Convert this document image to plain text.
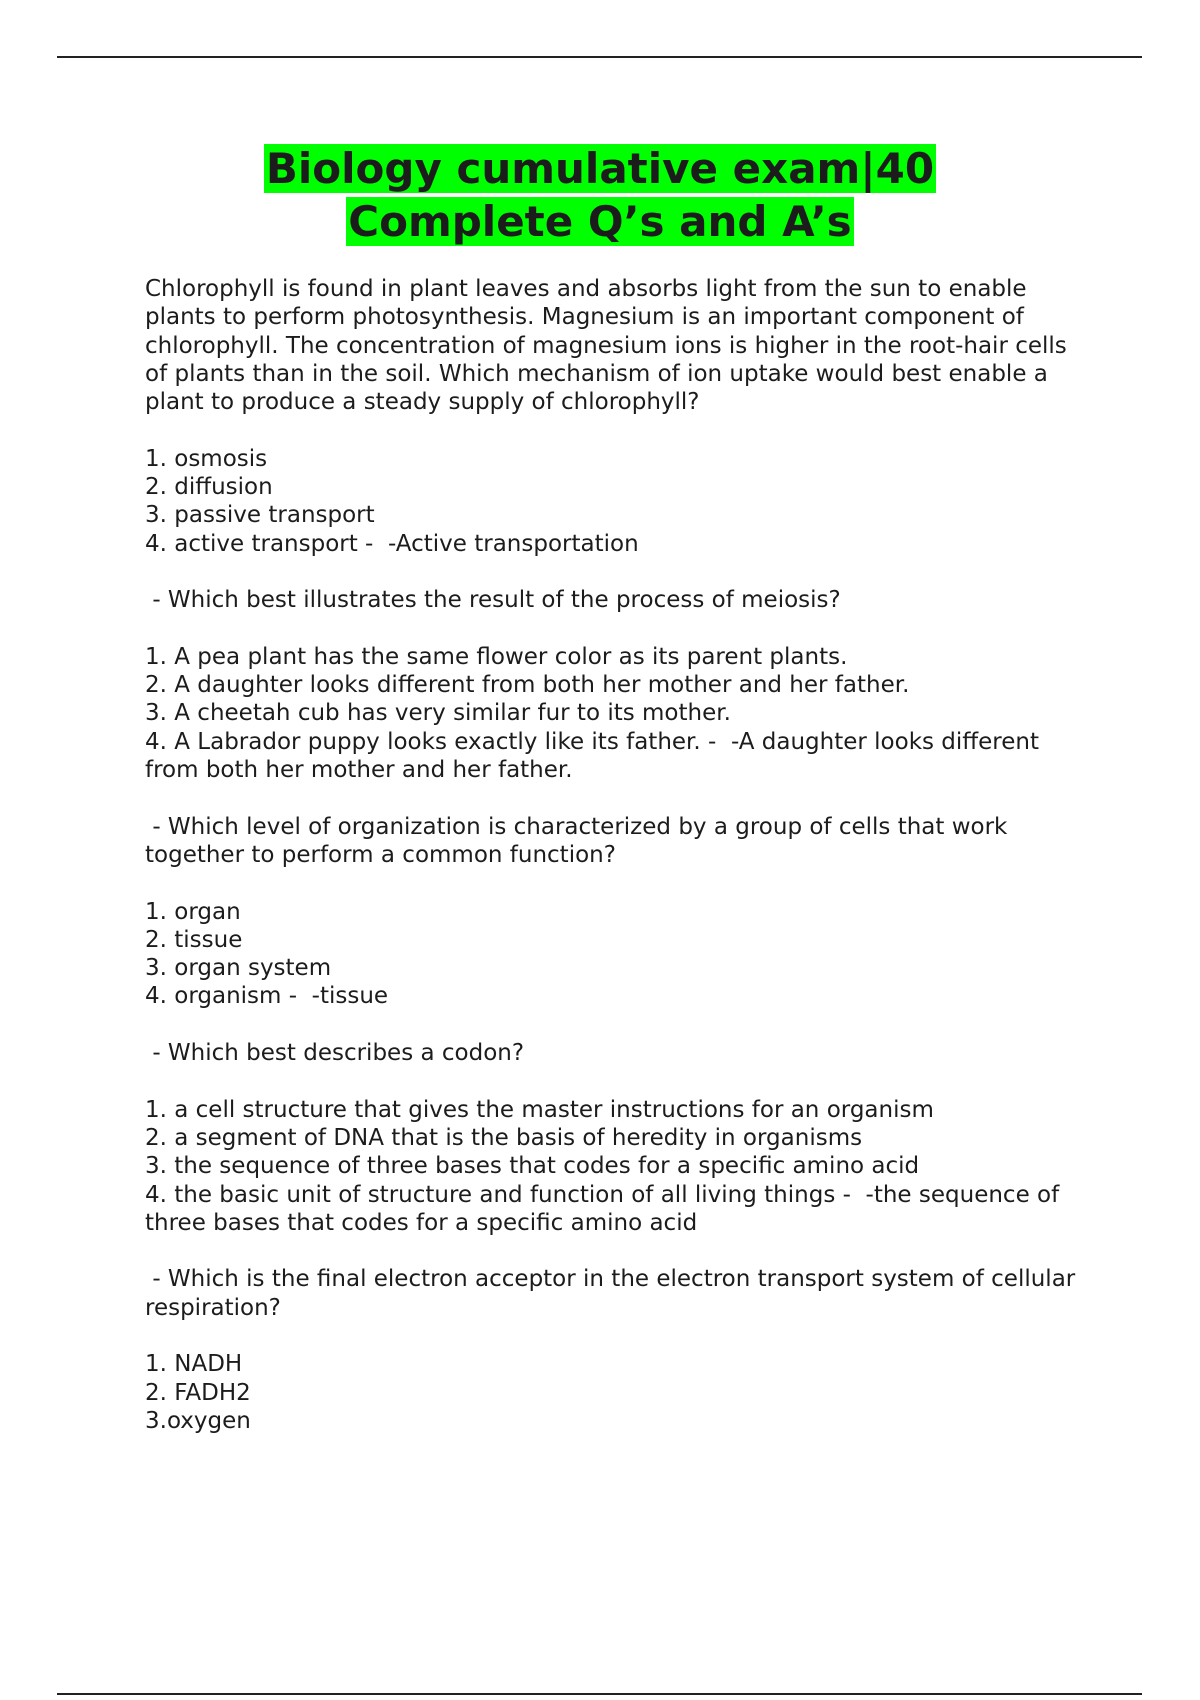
Biology cumulative exam|40
Complete Q’s and A’s

Chlorophyll is found in plant leaves and absorbs light from the sun to enable plants to perform photosynthesis. Magnesium is an important component of chlorophyll. The concentration of magnesium ions is higher in the root-hair cells of plants than in the soil. Which mechanism of ion uptake would best enable a plant to produce a steady supply of chlorophyll?

1. osmosis

2. diffusion

3. passive transport

4. active transport -  -Active transportation

- Which best illustrates the result of the process of meiosis?

1. A pea plant has the same flower color as its parent plants.

2. A daughter looks different from both her mother and her father.

3. A cheetah cub has very similar fur to its mother.

4. A Labrador puppy looks exactly like its father. -  -A daughter looks different from both her mother and her father.

- Which level of organization is characterized by a group of cells that work together to perform a common function?

1. organ

2. tissue

3. organ system

4. organism -  -tissue

- Which best describes a codon?

1. a cell structure that gives the master instructions for an organism

2. a segment of DNA that is the basis of heredity in organisms

3. the sequence of three bases that codes for a specific amino acid

4. the basic unit of structure and function of all living things -  -the sequence of three bases that codes for a specific amino acid

- Which is the final electron acceptor in the electron transport system of cellular respiration?

1. NADH

2. FADH2

3.oxygen
